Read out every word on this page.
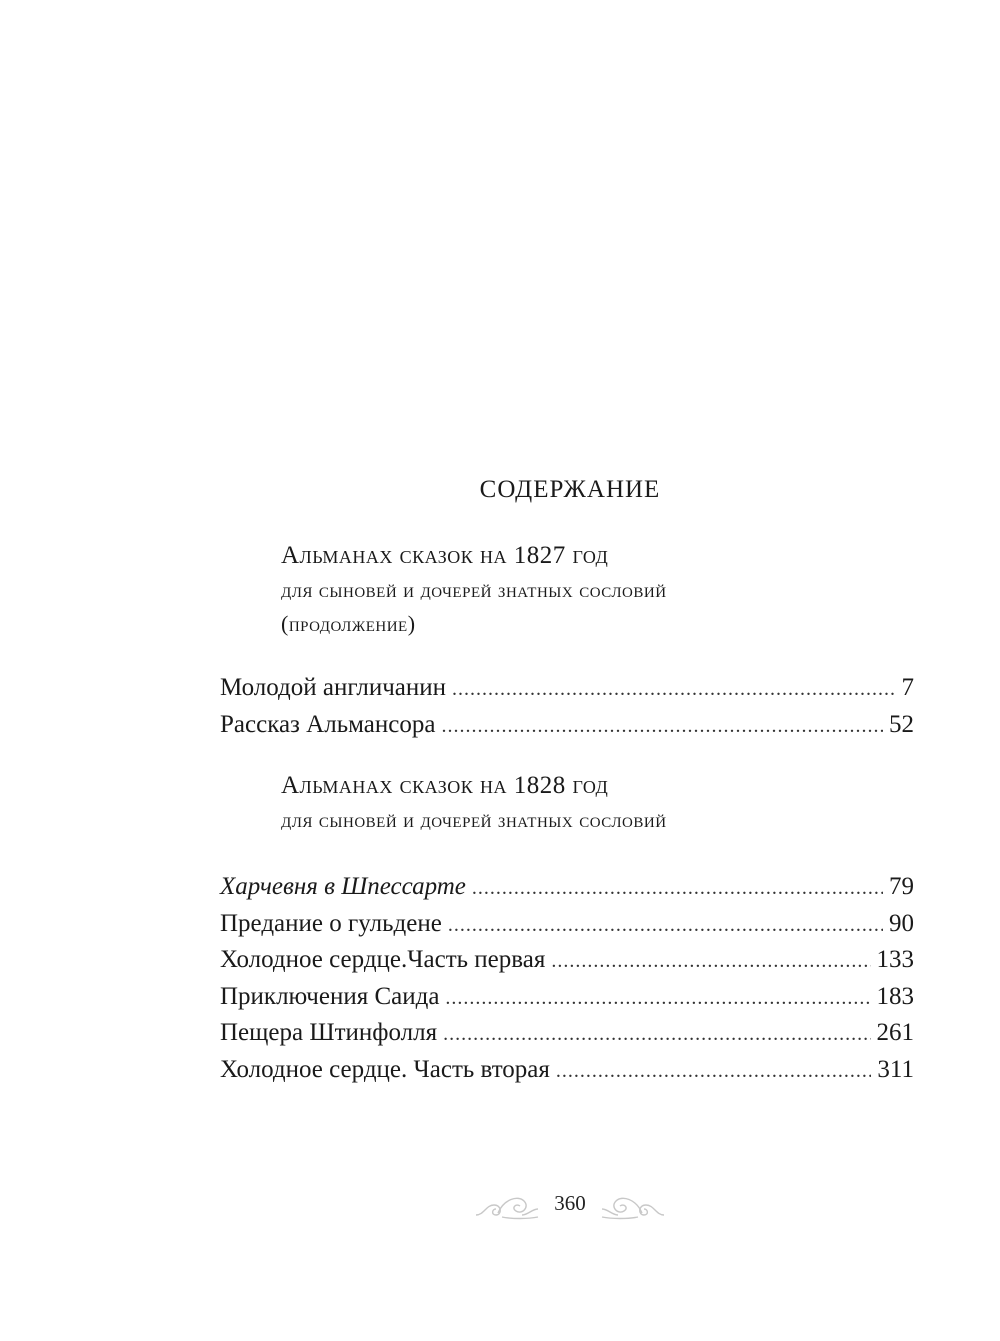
СОДЕРЖАНИЕ
Альманах сказок на 1827 год
для сыновей и дочерей знатных сословий
(продолжение)
Молодой англичанин .....	7
Рассказ Альмансора .....	52
Альманах сказок на 1828 год
для сыновей и дочерей знатных сословий
Харчевня в Шпессарте .....	79
Предание о гульдене .....	90
Холодное сердце.Часть первая .....	133
Приключения Саида .....	183
Пещера Штинфолля .....	261
Холодное сердце. Часть вторая .....	311
360
